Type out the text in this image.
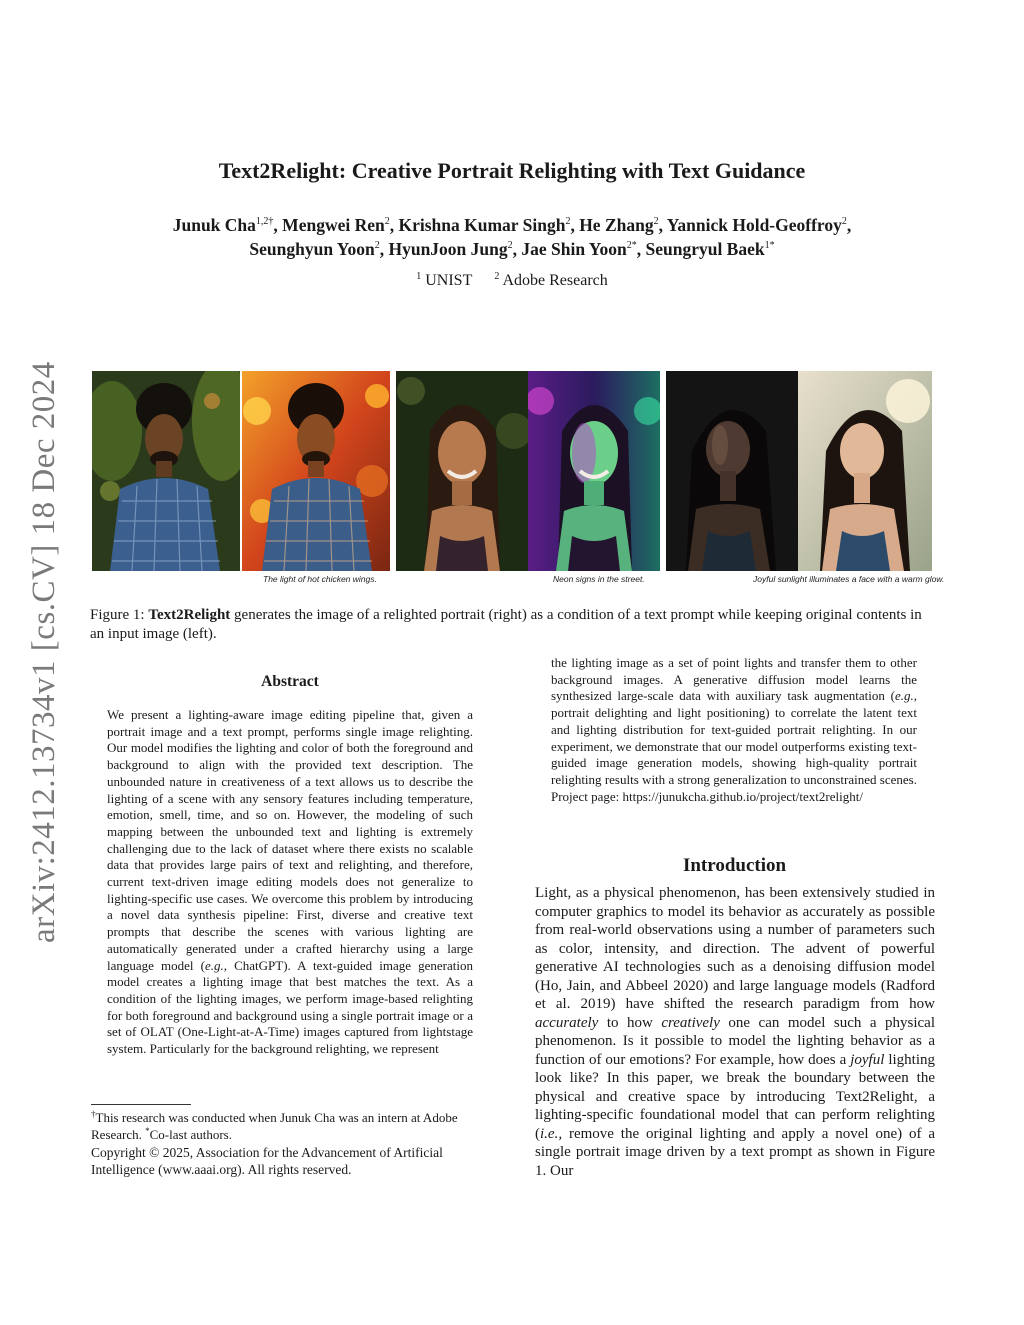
arXiv:2412.13734v1 [cs.CV] 18 Dec 2024
Text2Relight: Creative Portrait Relighting with Text Guidance
Junuk Cha$^{1,2\dagger}$, Mengwei Ren$^2$, Krishna Kumar Singh$^2$, He Zhang$^2$, Yannick Hold-Geoffroy$^2$,
Seunghyun Yoon$^2$, HyunJoon Jung$^2$, Jae Shin Yoon$^{2*}$, Seungryul Baek$^{1*}$
$^1$ UNIST $^2$ Adobe Research
The light of hot chicken wings.	Neon signs in the street.	Joyful sunlight illuminates a face with a warm glow.
Figure 1: Text2Relight generates the image of a relighted portrait (right) as a condition of a text prompt while keeping original contents in an input image (left).
Abstract
We present a lighting-aware image editing pipeline that, given a portrait image and a text prompt, performs single image relighting. Our model modifies the lighting and color of both the foreground and background to align with the provided text description. The unbounded nature in creativeness of a text allows us to describe the lighting of a scene with any sensory features including temperature, emotion, smell, time, and so on. However, the modeling of such mapping between the unbounded text and lighting is extremely challenging due to the lack of dataset where there exists no scalable data that provides large pairs of text and relighting, and therefore, current text-driven image editing models does not generalize to lighting-specific use cases. We overcome this problem by introducing a novel data synthesis pipeline: First, diverse and creative text prompts that describe the scenes with various lighting are automatically generated under a crafted hierarchy using a large language model (e.g., ChatGPT). A text-guided image generation model creates a lighting image that best matches the text. As a condition of the lighting images, we perform image-based relighting for both foreground and background using a single portrait image or a set of OLAT (One-Light-at-A-Time) images captured from lightstage system. Particularly for the background relighting, we represent
the lighting image as a set of point lights and transfer them to other background images. A generative diffusion model learns the synthesized large-scale data with auxiliary task augmentation (e.g., portrait delighting and light positioning) to correlate the latent text and lighting distribution for text-guided portrait relighting. In our experiment, we demonstrate that our model outperforms existing text-guided image generation models, showing high-quality portrait relighting results with a strong generalization to unconstrained scenes. Project page: https://junukcha.github.io/project/text2relight/
Introduction
Light, as a physical phenomenon, has been extensively studied in computer graphics to model its behavior as accurately as possible from real-world observations using a number of parameters such as color, intensity, and direction. The advent of powerful generative AI technologies such as a denoising diffusion model (Ho, Jain, and Abbeel 2020) and large language models (Radford et al. 2019) have shifted the research paradigm from how accurately to how creatively one can model such a physical phenomenon. Is it possible to model the lighting behavior as a function of our emotions? For example, how does a joyful lighting look like? In this paper, we break the boundary between the physical and creative space by introducing Text2Relight, a lighting-specific foundational model that can perform relighting (i.e., remove the original lighting and apply a novel one) of a single portrait image driven by a text prompt as shown in Figure 1. Our
†This research was conducted when Junuk Cha was an intern at Adobe Research. *Co-last authors.
Copyright © 2025, Association for the Advancement of Artificial Intelligence (www.aaai.org). All rights reserved.
